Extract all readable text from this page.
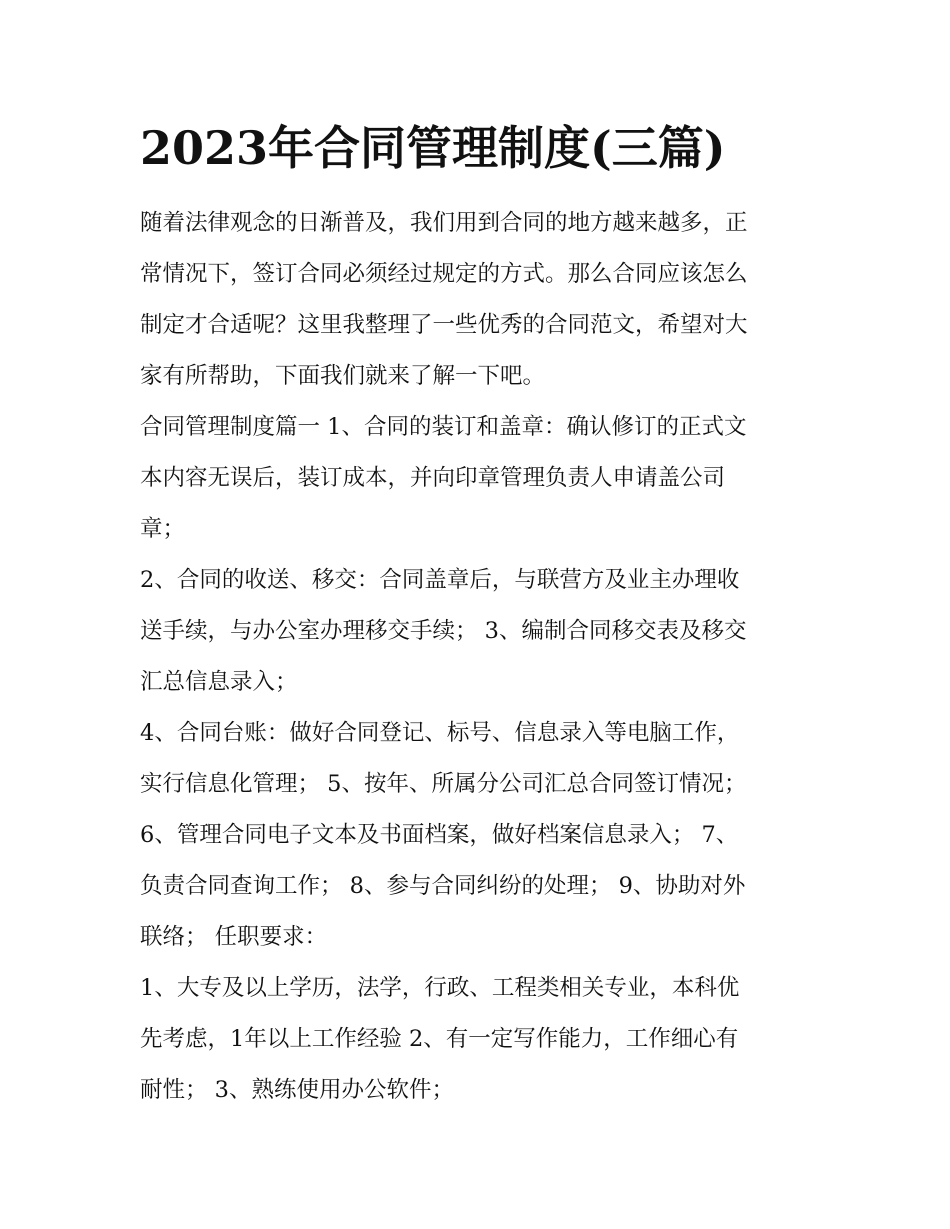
2023年合同管理制度(三篇)

随着法律观念的日渐普及，我们用到合同的地方越来越多，正
常情况下，签订合同必须经过规定的方式。那么合同应该怎么
制定才合适呢？这里我整理了一些优秀的合同范文，希望对大
家有所帮助，下面我们就来了解一下吧。

合同管理制度篇一 1、合同的装订和盖章：确认修订的正式文
本内容无误后，装订成本，并向印章管理负责人申请盖公司
章；

2、合同的收送、移交：合同盖章后，与联营方及业主办理收
送手续，与办公室办理移交手续； 3、编制合同移交表及移交
汇总信息录入；

4、合同台账：做好合同登记、标号、信息录入等电脑工作，
实行信息化管理； 5、按年、所属分公司汇总合同签订情况；

6、管理合同电子文本及书面档案，做好档案信息录入； 7、
负责合同查询工作； 8、参与合同纠纷的处理； 9、协助对外
联络； 任职要求：

1、大专及以上学历，法学，行政、工程类相关专业，本科优
先考虑，1年以上工作经验 2、有一定写作能力，工作细心有
耐性； 3、熟练使用办公软件；
